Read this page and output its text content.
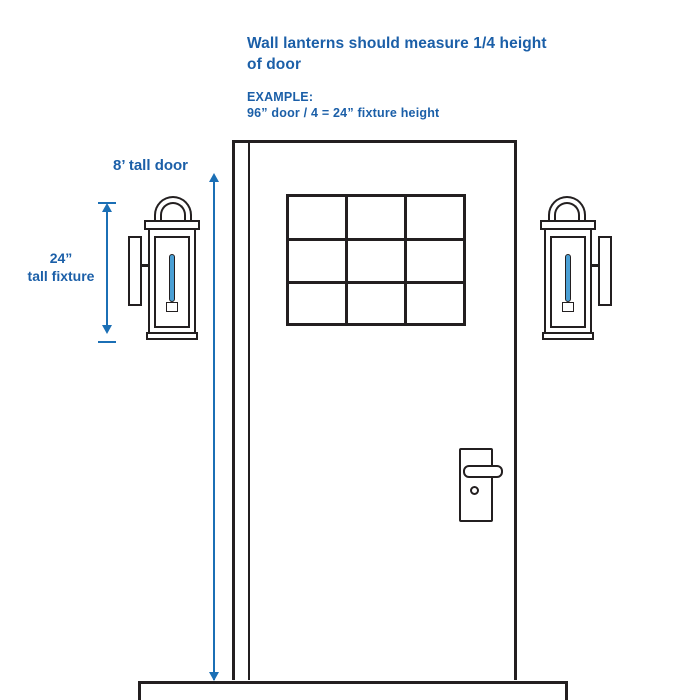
Wall lanterns should measure 1/4 height of door
EXAMPLE:
96” door / 4 = 24” fixture height
8’ tall door
24”
tall fixture
